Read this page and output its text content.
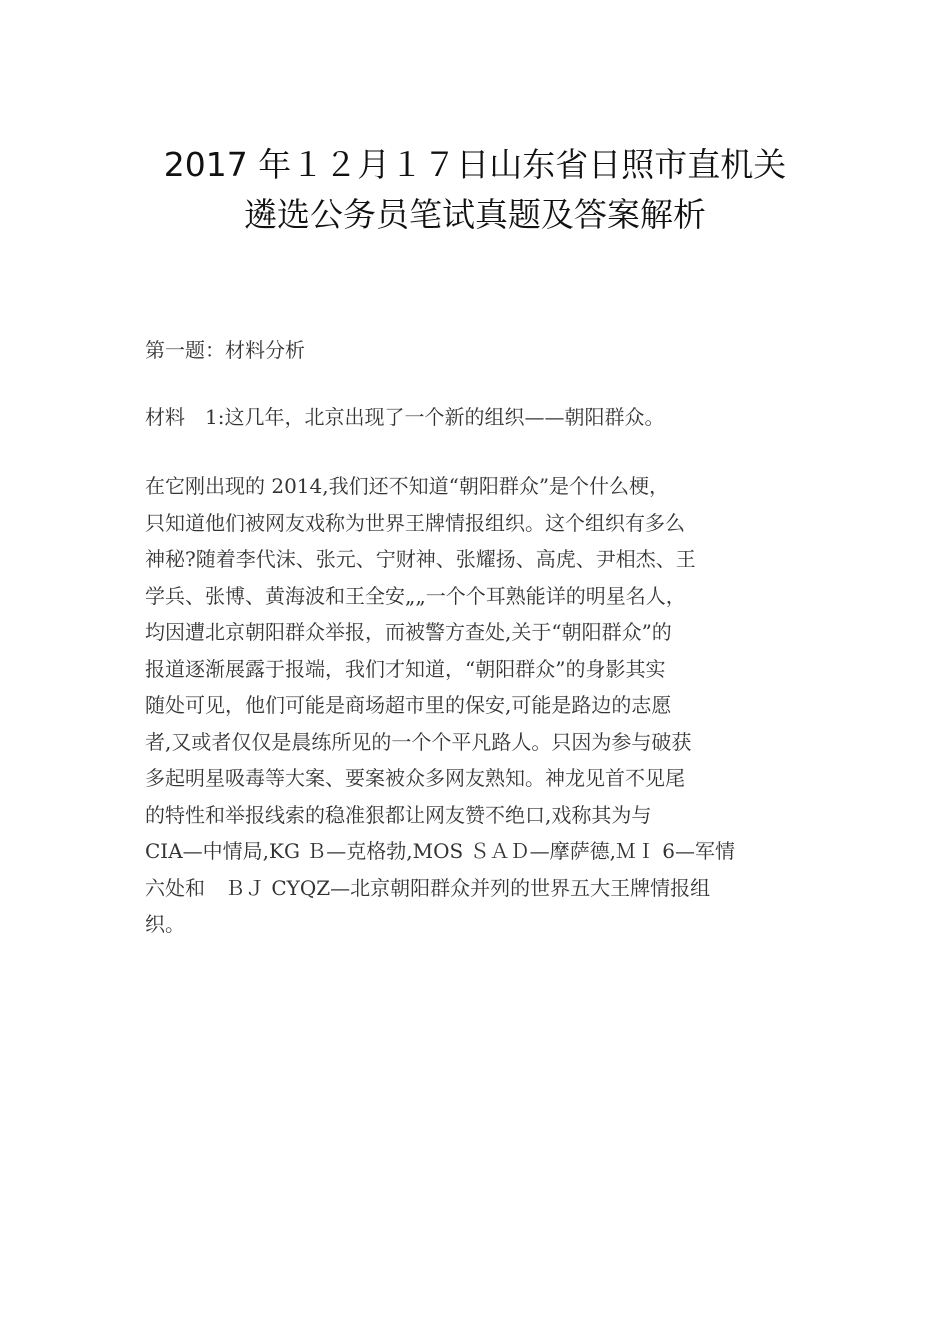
2017 年１２月１７日山东省日照市直机关
遴选公务员笔试真题及答案解析

第一题：材料分析

材料　1:这几年，北京出现了一个新的组织——朝阳群众。

在它刚出现的 2014,我们还不知道“朝阳群众”是个什么梗，
只知道他们被网友戏称为世界王牌情报组织。这个组织有多么
神秘?随着李代沫、张元、宁财神、张耀扬、高虎、尹相杰、王
学兵、张博、黄海波和王全安„„一个个耳熟能详的明星名人，
均因遭北京朝阳群众举报，而被警方查处,关于“朝阳群众”的
报道逐渐展露于报端，我们才知道，“朝阳群众”的身影其实
随处可见，他们可能是商场超市里的保安,可能是路边的志愿
者,又或者仅仅是晨练所见的一个个平凡路人。只因为参与破获
多起明星吸毒等大案、要案被众多网友熟知。神龙见首不见尾
的特性和举报线索的稳准狠都让网友赞不绝口,戏称其为与
CIA—中情局,KG Ｂ—克格勃,MOS ＳＡＤ—摩萨德,ＭＩ 6—军情
六处和　ＢＪ CYQZ—北京朝阳群众并列的世界五大王牌情报组
织。
